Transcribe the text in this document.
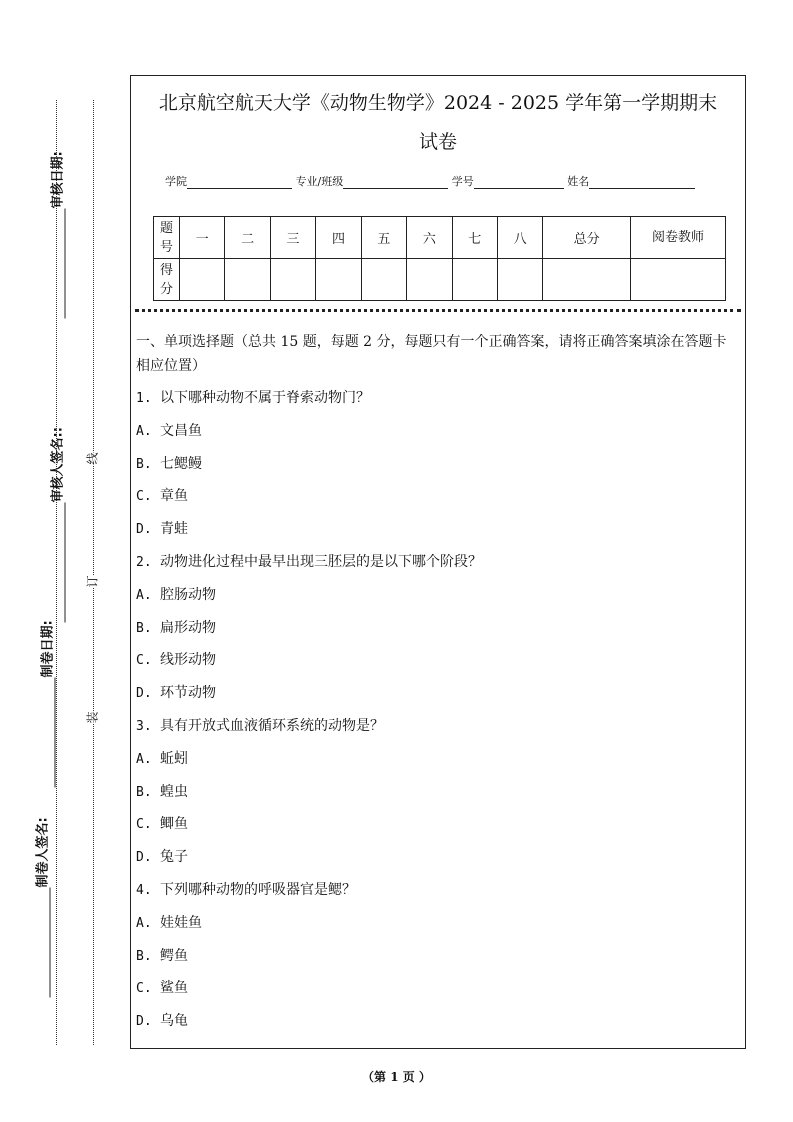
审核日期:
审核人签名::
制卷日期:
制卷人签名:
线
订
装
北京航空航天大学《动物生物学》2024 - 2025 学年第一学期期末
试卷
学院	专业/班级	学号	姓名
题号	一	二	三	四	五	六	七	八	总分	阅卷教师
得分										
一、单项选择题（总共 15 题，每题 2 分，每题只有一个正确答案，请将正确答案填涂在答题卡相应位置）
1. 以下哪种动物不属于脊索动物门？
A. 文昌鱼
B. 七鳃鳗
C. 章鱼
D. 青蛙
2. 动物进化过程中最早出现三胚层的是以下哪个阶段？
A. 腔肠动物
B. 扁形动物
C. 线形动物
D. 环节动物
3. 具有开放式血液循环系统的动物是？
A. 蚯蚓
B. 蝗虫
C. 鲫鱼
D. 兔子
4. 下列哪种动物的呼吸器官是鳃？
A. 娃娃鱼
B. 鳄鱼
C. 鲨鱼
D. 乌龟
（第 1 页 ）
